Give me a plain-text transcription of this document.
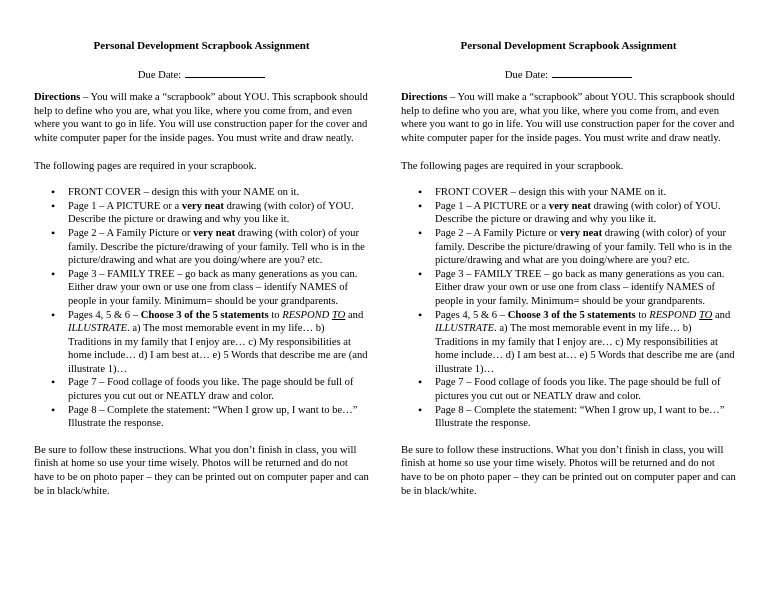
Personal Development Scrapbook Assignment

Due Date:
Directions – You will make a “scrapbook” about YOU. This scrapbook should help to define who you are, what you like, where you come from, and even where you want to go in life. You will use construction paper for the cover and white computer paper for the inside pages. You must write and draw neatly.
The following pages are required in your scrapbook.
• FRONT COVER – design this with your NAME on it.
• Page 1 – A PICTURE or a very neat drawing (with color) of YOU. Describe the picture or drawing and why you like it.
• Page 2 – A Family Picture or very neat drawing (with color) of your family. Describe the picture/drawing of your family. Tell who is in the picture/drawing and what are you doing/where are you? etc.
• Page 3 – FAMILY TREE – go back as many generations as you can. Either draw your own or use one from class – identify NAMES of people in your family. Minimum= should be your grandparents.
• Pages 4, 5 & 6 – Choose 3 of the 5 statements to RESPOND TO and ILLUSTRATE. a) The most memorable event in my life… b) Traditions in my family that I enjoy are… c) My responsibilities at home include… d) I am best at… e) 5 Words that describe me are (and illustrate 1)…
• Page 7 – Food collage of foods you like. The page should be full of pictures you cut out or NEATLY draw and color.
• Page 8 – Complete the statement: “When I grow up, I want to be…” Illustrate the response.
Be sure to follow these instructions. What you don’t finish in class, you will finish at home so use your time wisely. Photos will be returned and do not have to be on photo paper – they can be printed out on computer paper and can be in black/white.

Personal Development Scrapbook Assignment

Due Date:
Directions – You will make a “scrapbook” about YOU. This scrapbook should help to define who you are, what you like, where you come from, and even where you want to go in life. You will use construction paper for the cover and white computer paper for the inside pages. You must write and draw neatly.
The following pages are required in your scrapbook.
• FRONT COVER – design this with your NAME on it.
• Page 1 – A PICTURE or a very neat drawing (with color) of YOU. Describe the picture or drawing and why you like it.
• Page 2 – A Family Picture or very neat drawing (with color) of your family. Describe the picture/drawing of your family. Tell who is in the picture/drawing and what are you doing/where are you? etc.
• Page 3 – FAMILY TREE – go back as many generations as you can. Either draw your own or use one from class – identify NAMES of people in your family. Minimum= should be your grandparents.
• Pages 4, 5 & 6 – Choose 3 of the 5 statements to RESPOND TO and ILLUSTRATE. a) The most memorable event in my life… b) Traditions in my family that I enjoy are… c) My responsibilities at home include… d) I am best at… e) 5 Words that describe me are (and illustrate 1)…
• Page 7 – Food collage of foods you like. The page should be full of pictures you cut out or NEATLY draw and color.
• Page 8 – Complete the statement: “When I grow up, I want to be…” Illustrate the response.
Be sure to follow these instructions. What you don’t finish in class, you will finish at home so use your time wisely. Photos will be returned and do not have to be on photo paper – they can be printed out on computer paper and can be in black/white.
